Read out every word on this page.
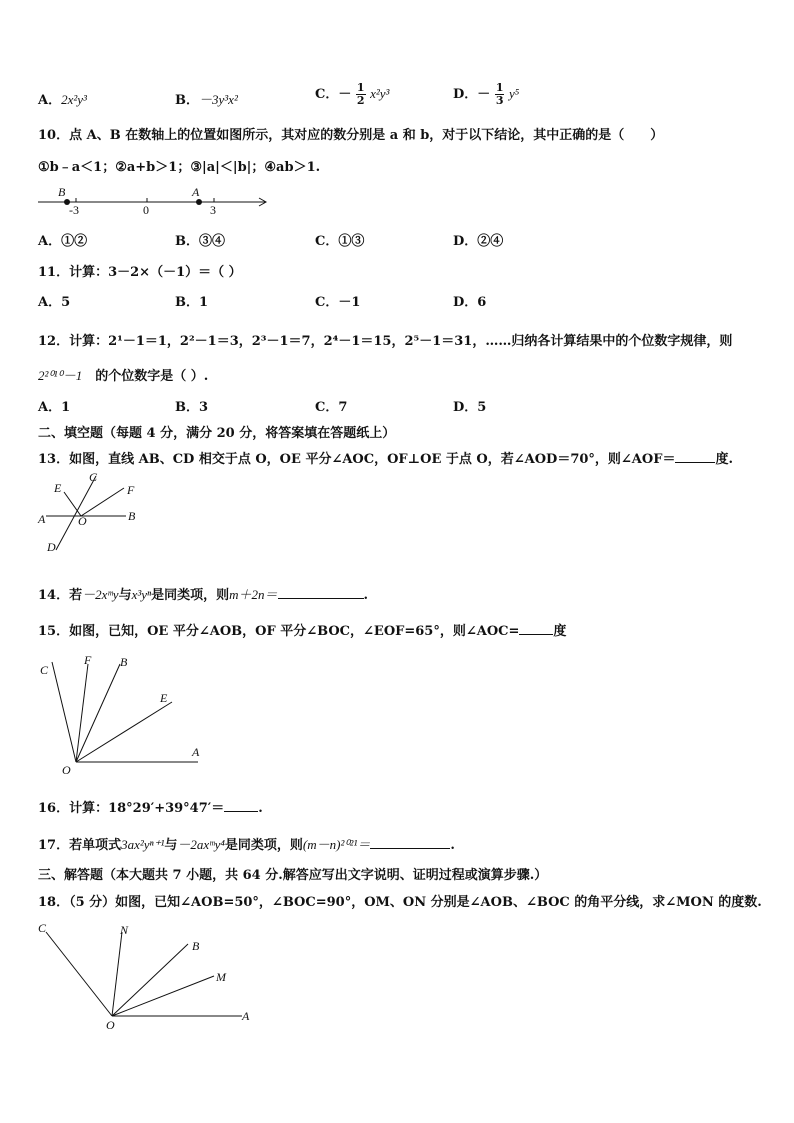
A．2x²y³	B．－3y³x²	C．－ $\frac{1}{2} x^2y^3$	D．－ $\frac{1}{3} y^5$
10．点 A、B 在数轴上的位置如图所示，其对应的数分别是 a 和 b，对于以下结论，其中正确的是（　　）
①b﹣a＜1；②a+b＞1；③|a|＜|b|；④ab＞1.
B	A
-3	0	3
A．①②	B．③④	C．①③	D．②④
11．计算：3－2×（－1）＝（ ）
A．5	B．1	C．－1	D．6
12．计算：2¹－1＝1，2²－1＝3，2³－1＝7，2⁴－1＝15，2⁵－1＝31，……归纳各计算结果中的个位数字规律，则
2²⁰¹⁰－1　 的个位数字是（ ）.
A．1	B．3	C．7	D．5
二、填空题（每题 4 分，满分 20 分，将答案填在答题纸上）
13．如图，直线 AB、CD 相交于点 O，OE 平分∠AOC，OF⊥OE 于点 O，若∠AOD＝70°，则∠AOF＝	度.
E
C
F
A	O	B
D
14．若－2xᵐy与x³yⁿ是同类项，则m＋2n＝	.
15．如图，已知，OE 平分∠AOB，OF 平分∠BOC，∠EOF=65°，则∠AOC=	度
C
F B
E
A
O
16．计算：18°29′+39°47′＝	.
17．若单项式3ax²yⁿ⁺¹与－2axᵐy⁴是同类项，则(m－n)²⁰²¹＝	.
三、解答题（本大题共 7 小题，共 64 分.解答应写出文字说明、证明过程或演算步骤.）
18．（5 分）如图，已知∠AOB=50°，∠BOC=90°，OM、ON 分别是∠AOB、∠BOC 的角平分线，求∠MON 的度数.
C	N
B
M
O
A
